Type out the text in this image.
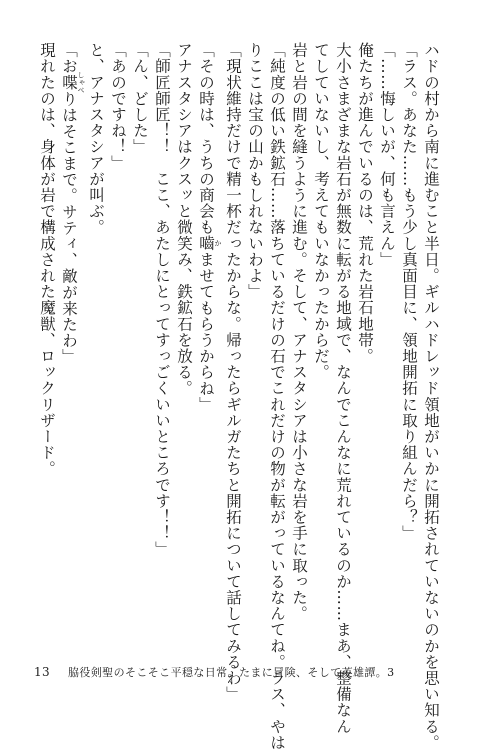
ハドの村から南に進むこと半日。ギルハドレッド領地がいかに開拓されていないのかを思い知る。

「ラス。あなた……もう少し真面目に、領地開拓に取り組んだら？」

「……悔しいが、何も言えん」

俺たちが進んでいるのは、荒れた岩石地帯。

大小さまざまな岩石が無数に転がる地域で、なんでこんなに荒れているのか……まあ、整備なん

てしていないし、考えてもいなかったからだ。

岩と岩の間を縫うように進む。そして、アナスタシアは小さな岩を手に取った。

「純度の低い鉄鉱石……落ちているだけの石でこれだけの物が転がっているなんてね。ラス、やは

りここは宝の山かもしれないわよ」

「現状維持だけで精一杯だったからな。帰ったらギルガたちと開拓について話してみるわ」

「その時は、うちの商会も嚙 かませてもらうからね」

アナスタシアはクスッと微笑み、鉄鉱石を放る。

「師匠師匠！！　ここ、あたしにとってすっごくいいところです！！」

「ん、どした」

「あのですね！」

と、アナスタシアが叫ぶ。

「お喋 しゃべりはそこまで。サティ、敵が来たわ」

現れたのは、身体が岩で構成された魔獣、ロックリザード。

13 脇役剣聖のそこそこ平穏な日常。たまに冒険、そして英雄譚。3
